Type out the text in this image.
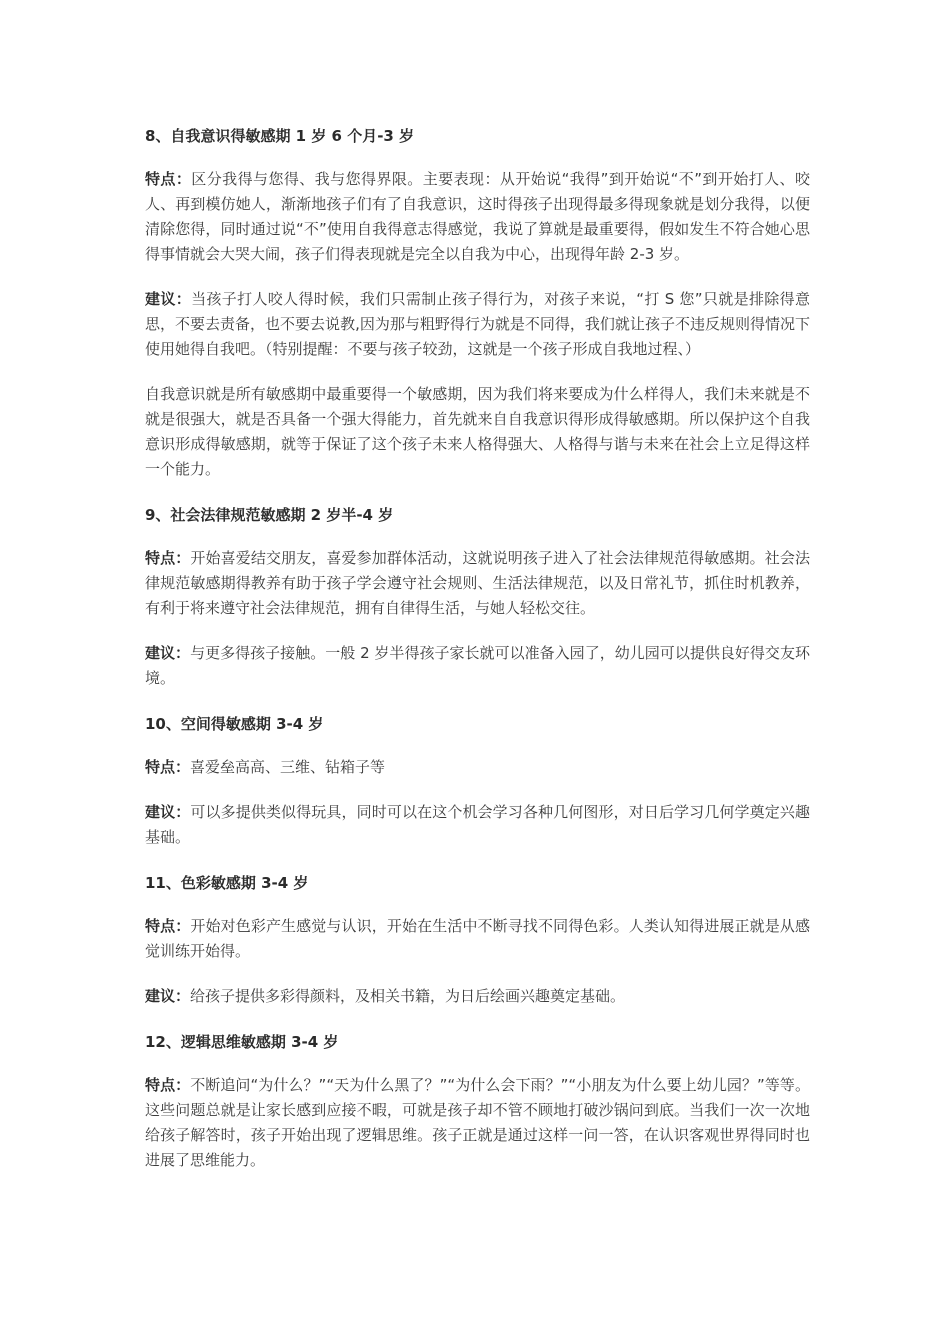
8、自我意识得敏感期 1 岁 6 个月-3 岁
特点：区分我得与您得、我与您得界限。主要表现：从开始说“我得”到开始说“不”到开始打人、咬人、再到模仿她人，渐渐地孩子们有了自我意识，这时得孩子出现得最多得现象就是划分我得，以便清除您得，同时通过说“不”使用自我得意志得感觉，我说了算就是最重要得，假如发生不符合她心思得事情就会大哭大闹，孩子们得表现就是完全以自我为中心，出现得年龄 2-3 岁。
建议：当孩子打人咬人得时候，我们只需制止孩子得行为，对孩子来说，“打 S 您”只就是排除得意思，不要去责备，也不要去说教,因为那与粗野得行为就是不同得，我们就让孩子不违反规则得情况下使用她得自我吧。（特别提醒：不要与孩子较劲，这就是一个孩子形成自我地过程、）
自我意识就是所有敏感期中最重要得一个敏感期，因为我们将来要成为什么样得人，我们未来就是不就是很强大，就是否具备一个强大得能力，首先就来自自我意识得形成得敏感期。所以保护这个自我意识形成得敏感期，就等于保证了这个孩子未来人格得强大、人格得与谐与未来在社会上立足得这样一个能力。
9、社会法律规范敏感期 2 岁半-4 岁
特点：开始喜爱结交朋友，喜爱参加群体活动，这就说明孩子进入了社会法律规范得敏感期。社会法律规范敏感期得教养有助于孩子学会遵守社会规则、生活法律规范，以及日常礼节，抓住时机教养，有利于将来遵守社会法律规范，拥有自律得生活，与她人轻松交往。
建议：与更多得孩子接触。一般 2 岁半得孩子家长就可以准备入园了，幼儿园可以提供良好得交友环境。
10、空间得敏感期 3-4 岁
特点：喜爱垒高高、三维、钻箱子等
建议：可以多提供类似得玩具，同时可以在这个机会学习各种几何图形，对日后学习几何学奠定兴趣基础。
11、色彩敏感期 3-4 岁
特点：开始对色彩产生感觉与认识，开始在生活中不断寻找不同得色彩。人类认知得进展正就是从感觉训练开始得。
建议：给孩子提供多彩得颜料，及相关书籍，为日后绘画兴趣奠定基础。
12、逻辑思维敏感期 3-4 岁
特点：不断追问“为什么？”“天为什么黑了？”“为什么会下雨？”“小朋友为什么要上幼儿园？”等等。这些问题总就是让家长感到应接不暇，可就是孩子却不管不顾地打破沙锅问到底。当我们一次一次地给孩子解答时，孩子开始出现了逻辑思维。孩子正就是通过这样一问一答，在认识客观世界得同时也进展了思维能力。
